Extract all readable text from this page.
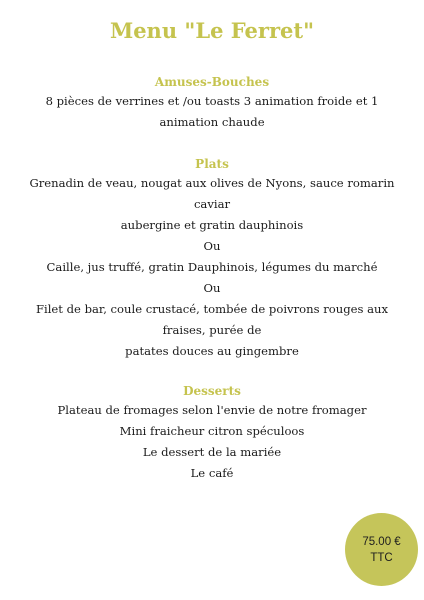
Menu "Le Ferret"
Amuses-Bouches
8 pièces de verrines et /ou toasts 3 animation froide et 1
animation chaude
Plats
Grenadin de veau, nougat aux olives de Nyons, sauce romarin
caviar
aubergine et gratin dauphinois
Ou
Caille, jus truffé, gratin Dauphinois, légumes du marché
Ou
Filet de bar, coule crustacé, tombée de poivrons rouges aux
fraises, purée de
patates douces au gingembre
Desserts
Plateau de fromages selon l'envie de notre fromager
Mini fraicheur citron spéculoos
Le dessert de la mariée
Le café
75.00 €
TTC
